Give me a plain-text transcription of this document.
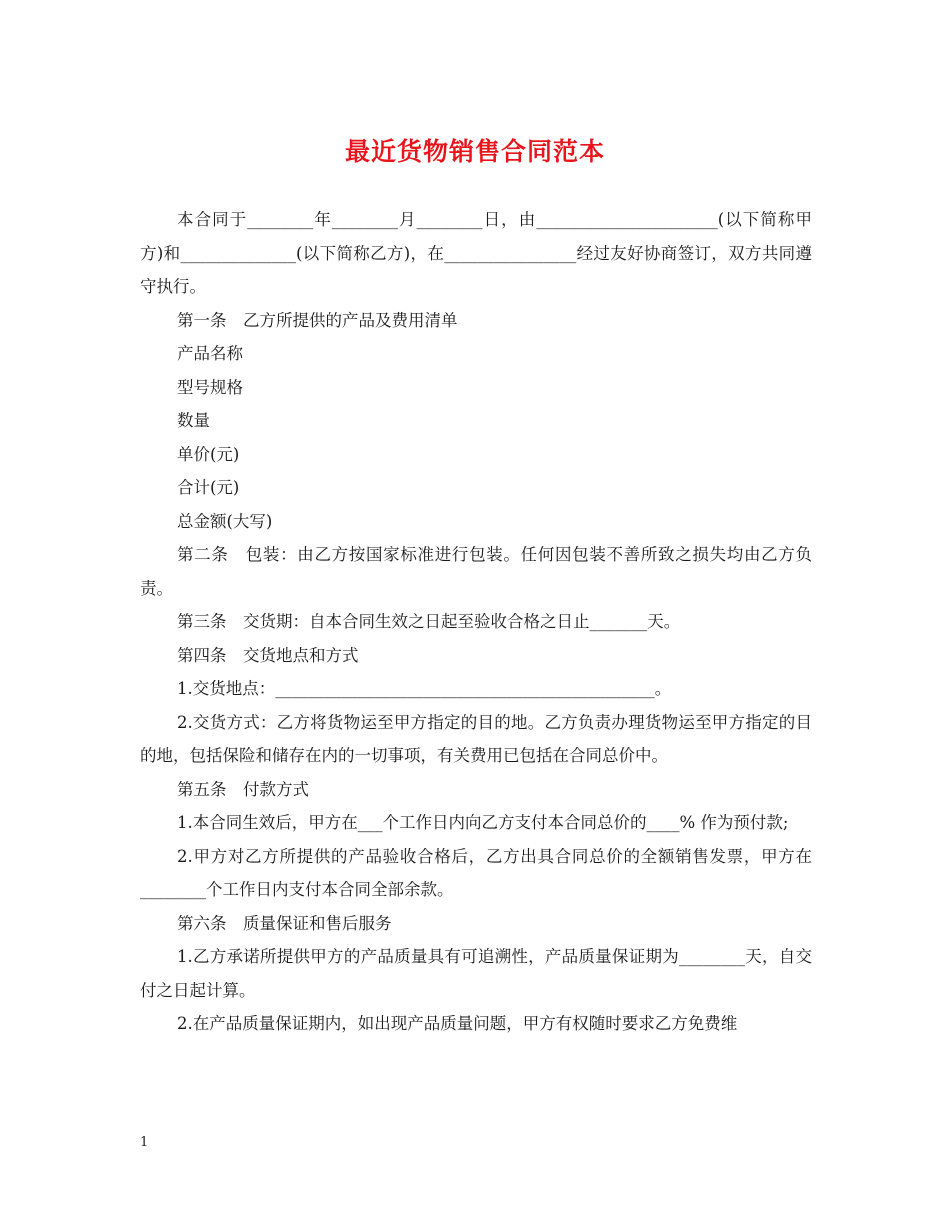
最近货物销售合同范本

本合同于________年________月________日，由______________________(以下简称甲方)和______________(以下简称乙方)，在________________经过友好协商签订，双方共同遵守执行。

第一条　乙方所提供的产品及费用清单

产品名称

型号规格

数量

单价(元)

合计(元)

总金额(大写)

第二条　包装：由乙方按国家标准进行包装。任何因包装不善所致之损失均由乙方负责。

第三条　交货期：自本合同生效之日起至验收合格之日止_______天。

第四条　交货地点和方式

1.交货地点：______________________________________________。

2.交货方式：乙方将货物运至甲方指定的目的地。乙方负责办理货物运至甲方指定的目的地，包括保险和储存在内的一切事项，有关费用已包括在合同总价中。

第五条　付款方式

1.本合同生效后，甲方在___个工作日内向乙方支付本合同总价的____% 作为预付款;

2.甲方对乙方所提供的产品验收合格后，乙方出具合同总价的全额销售发票，甲方在________个工作日内支付本合同全部余款。

第六条　质量保证和售后服务

1.乙方承诺所提供甲方的产品质量具有可追溯性，产品质量保证期为________天，自交付之日起计算。

2.在产品质量保证期内，如出现产品质量问题，甲方有权随时要求乙方免费维

1
